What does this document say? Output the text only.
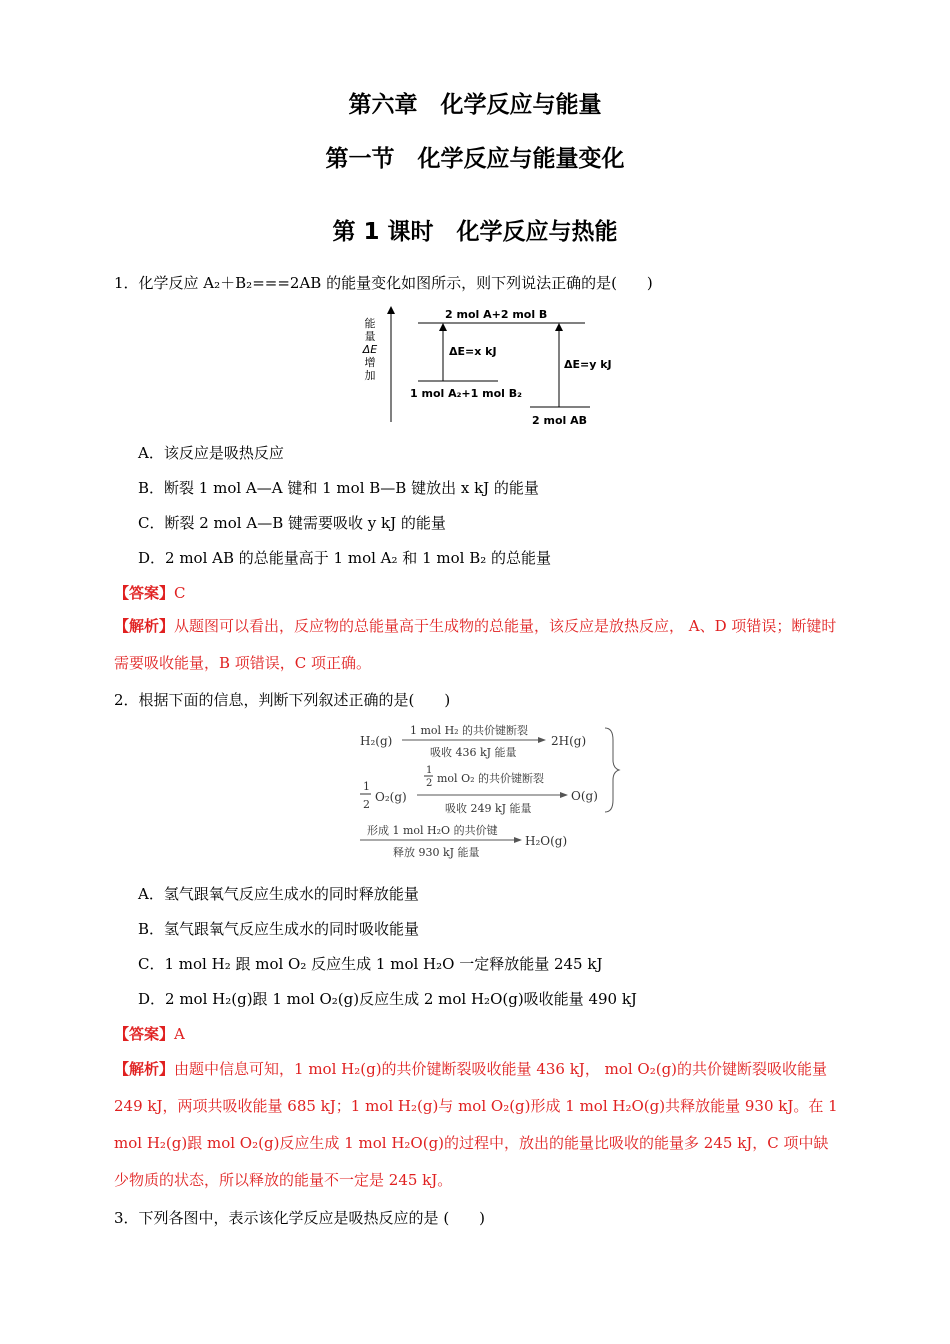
第六章　化学反应与能量
第一节　化学反应与能量变化
第 1 课时　化学反应与热能
1．化学反应 A₂＋B₂===2AB 的能量变化如图所示，则下列说法正确的是(　　)
能
量
ΔE
增
加
2 mol A+2 mol B
1 mol A₂+1 mol B₂
2 mol AB
ΔE=x kJ
ΔE=y kJ
A．该反应是吸热反应
B．断裂 1 mol A—A 键和 1 mol B—B 键放出 x kJ 的能量
C．断裂 2 mol A—B 键需要吸收 y kJ 的能量
D．2 mol AB 的总能量高于 1 mol A₂ 和 1 mol B₂ 的总能量
【答案】C
【解析】从题图可以看出，反应物的总能量高于生成物的总能量，该反应是放热反应， A、D 项错误；断键时需要吸收能量，B 项错误，C 项正确。
2．根据下面的信息，判断下列叙述正确的是(　　)
H₂(g)
1 mol H₂ 的共价键断裂
吸收 436 kJ 能量
2H(g)
1
2
O₂(g)
1
2 mol O₂ 的共价键断裂
吸收 249 kJ 能量
O(g)
形成 1 mol H₂O 的共价键
释放 930 kJ 能量
H₂O(g)
A．氢气跟氧气反应生成水的同时释放能量
B．氢气跟氧气反应生成水的同时吸收能量
C．1 mol H₂ 跟 mol O₂ 反应生成 1 mol H₂O 一定释放能量 245 kJ
D．2 mol H₂(g)跟 1 mol O₂(g)反应生成 2 mol H₂O(g)吸收能量 490 kJ
【答案】A
【解析】由题中信息可知，1 mol H₂(g)的共价键断裂吸收能量 436 kJ， mol O₂(g)的共价键断裂吸收能量 249 kJ，两项共吸收能量 685 kJ；1 mol H₂(g)与 mol O₂(g)形成 1 mol H₂O(g)共释放能量 930 kJ。在 1 mol H₂(g)跟 mol O₂(g)反应生成 1 mol H₂O(g)的过程中，放出的能量比吸收的能量多 245 kJ，C 项中缺少物质的状态，所以释放的能量不一定是 245 kJ。
3．下列各图中，表示该化学反应是吸热反应的是 (　　)
